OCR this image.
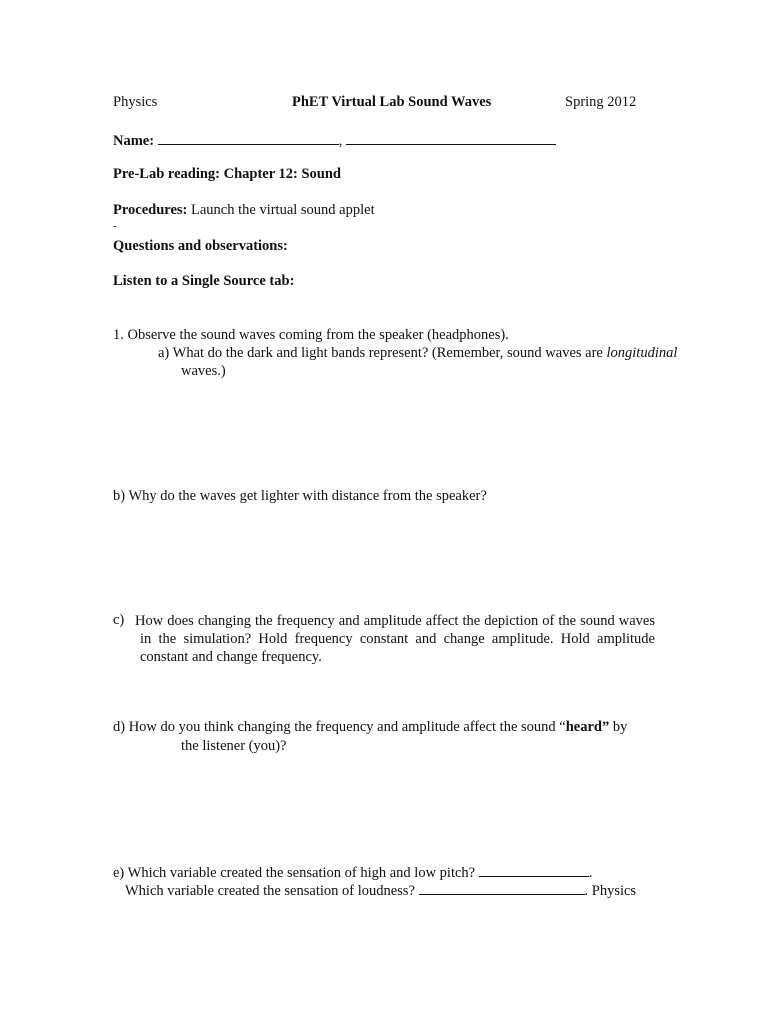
Physics	PhET Virtual Lab Sound Waves	Spring 2012
Name:	,
Pre-Lab reading: Chapter 12: Sound
Procedures: Launch the virtual sound applet
-
Questions and observations:
Listen to a Single Source tab:
1. Observe the sound waves coming from the speaker (headphones).
a) What do the dark and light bands represent? (Remember, sound waves are longitudinal
waves.)
b) Why do the waves get lighter with distance from the speaker?
c) How does changing the frequency and amplitude affect the depiction of the sound waves in the simulation? Hold frequency constant and change amplitude. Hold amplitude constant and change frequency.
d) How do you think changing the frequency and amplitude affect the sound “heard” by
the listener (you)?
e) Which variable created the sensation of high and low pitch?	.
Which variable created the sensation of loudness?	. Physics
